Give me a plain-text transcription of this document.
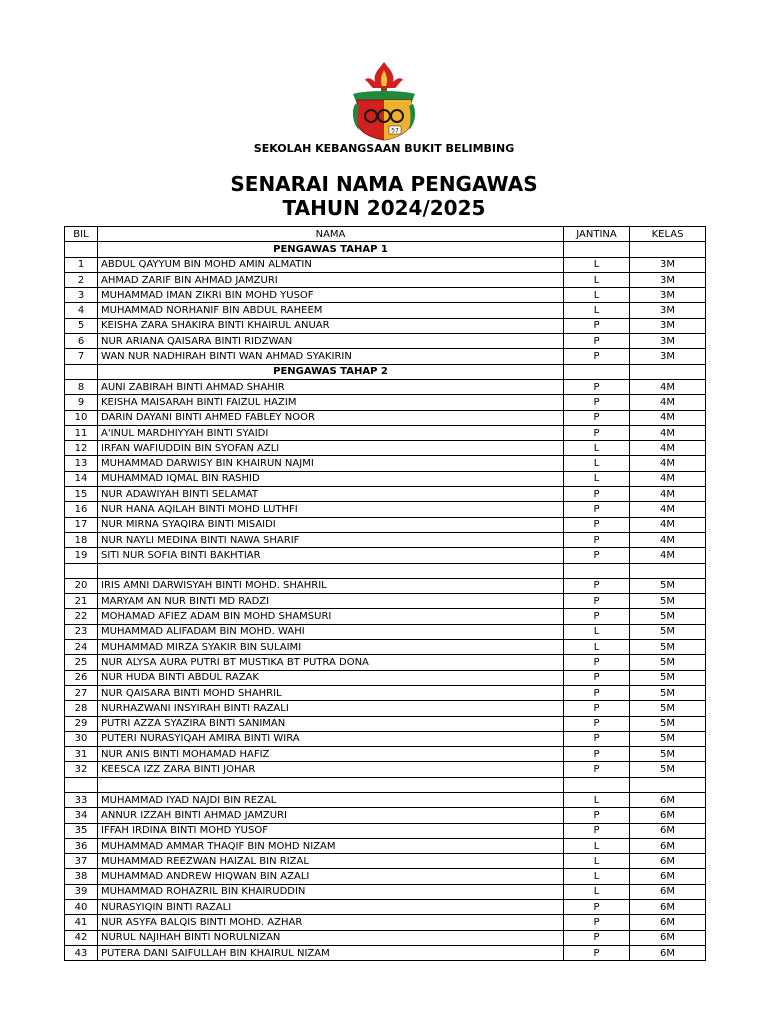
57
SEKOLAH KEBANGSAAN BUKIT BELIMBING
SENARAI NAMA PENGAWAS
TAHUN 2024/2025
BIL	NAMA	JANTINA	KELAS
	PENGAWAS TAHAP 1		
1	ABDUL QAYYUM BIN MOHD AMIN ALMATIN	L	3M
2	AHMAD ZARIF BIN AHMAD JAMZURI	L	3M
3	MUHAMMAD IMAN ZIKRI BIN MOHD YUSOF	L	3M
4	MUHAMMAD NORHANIF BIN ABDUL RAHEEM	L	3M
5	KEISHA ZARA SHAKIRA BINTI KHAIRUL ANUAR	P	3M
6	NUR ARIANA QAISARA BINTI RIDZWAN	P	3M
7	WAN NUR NADHIRAH BINTI WAN AHMAD SYAKIRIN	P	3M
	PENGAWAS TAHAP 2		
8	AUNI ZABIRAH BINTI AHMAD SHAHIR	P	4M
9	KEISHA MAISARAH BINTI FAIZUL HAZIM	P	4M
10	DARIN DAYANI BINTI AHMED FABLEY NOOR	P	4M
11	A'INUL MARDHIYYAH BINTI SYAIDI	P	4M
12	IRFAN WAFIUDDIN BIN SYOFAN AZLI	L	4M
13	MUHAMMAD DARWISY BIN KHAIRUN NAJMI	L	4M
14	MUHAMMAD IQMAL BIN RASHID	L	4M
15	NUR ADAWIYAH BINTI SELAMAT	P	4M
16	NUR HANA AQILAH BINTI MOHD LUTHFI	P	4M
17	NUR MIRNA SYAQIRA BINTI MISAIDI	P	4M
18	NUR NAYLI MEDINA BINTI NAWA SHARIF	P	4M
19	SITI NUR SOFIA BINTI BAKHTIAR	P	4M

20	IRIS AMNI DARWISYAH BINTI MOHD. SHAHRIL	P	5M
21	MARYAM AN NUR BINTI MD RADZI	P	5M
22	MOHAMAD AFIEZ ADAM BIN MOHD SHAMSURI	P	5M
23	MUHAMMAD ALIFADAM BIN MOHD. WAHI	L	5M
24	MUHAMMAD MIRZA SYAKIR BIN SULAIMI	L	5M
25	NUR ALYSA AURA PUTRI BT MUSTIKA BT PUTRA DONA	P	5M
26	NUR HUDA BINTI ABDUL RAZAK	P	5M
27	NUR QAISARA BINTI MOHD SHAHRIL	P	5M
28	NURHAZWANI INSYIRAH BINTI RAZALI	P	5M
29	PUTRI AZZA SYAZIRA BINTI SANIMAN	P	5M
30	PUTERI NURASYIQAH AMIRA BINTI WIRA	P	5M
31	NUR ANIS BINTI MOHAMAD HAFIZ	P	5M
32	KEESCA IZZ ZARA BINTI JOHAR	P	5M

33	MUHAMMAD IYAD NAJDI BIN REZAL	L	6M
34	ANNUR IZZAH BINTI AHMAD JAMZURI	P	6M
35	IFFAH IRDINA BINTI MOHD YUSOF	P	6M
36	MUHAMMAD AMMAR THAQIF BIN MOHD NIZAM	L	6M
37	MUHAMMAD REEZWAN HAIZAL BIN RIZAL	L	6M
38	MUHAMMAD ANDREW HIQWAN BIN AZALI	L	6M
39	MUHAMMAD ROHAZRIL BIN KHAIRUDDIN	L	6M
40	NURASYIQIN BINTI RAZALI	P	6M
41	NUR ASYFA BALQIS BINTI MOHD. AZHAR	P	6M
42	NURUL NAJIHAH BINTI NORULNIZAN	P	6M
43	PUTERA DANI SAIFULLAH BIN KHAIRUL NIZAM	P	6M
